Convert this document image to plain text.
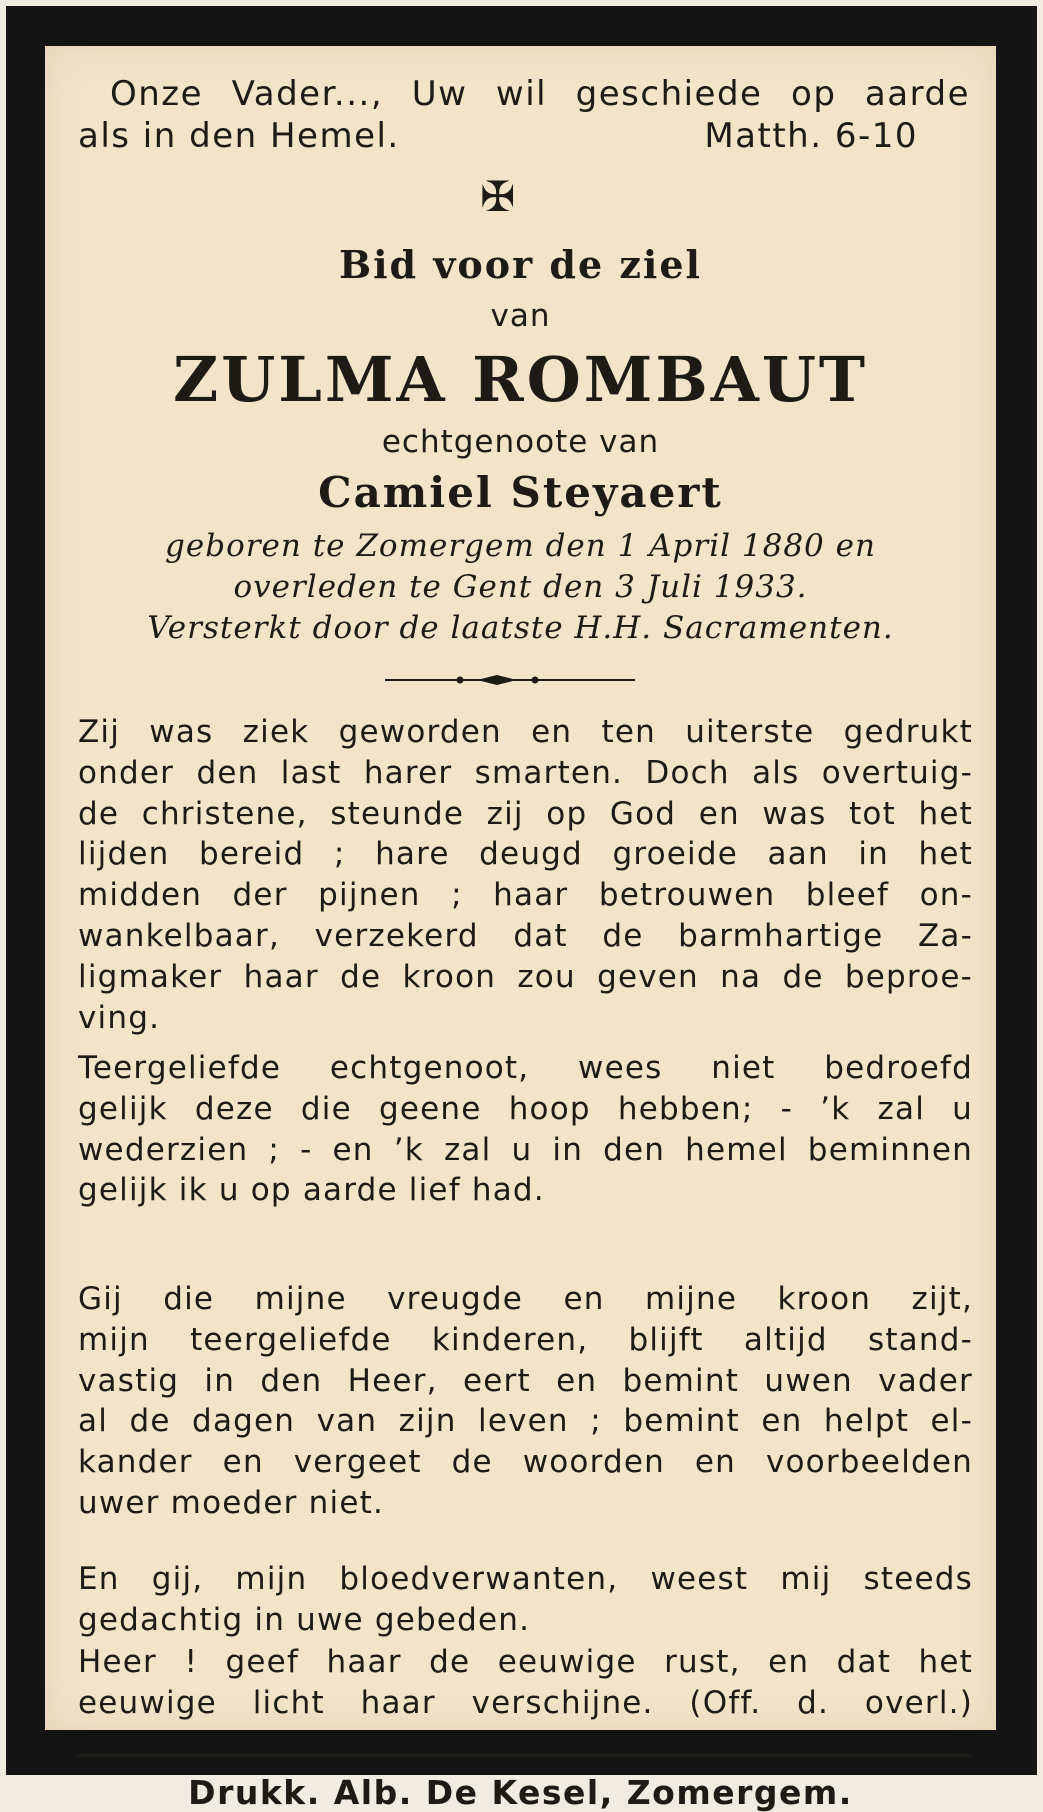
Onze Vader..., Uw wil geschiede op aarde
als in den Hemel.	Matth. 6-10
✠
Bid voor de ziel
van
ZULMA ROMBAUT
echtgenoote van
Camiel Steyaert
geboren te Zomergem den 1 April 1880 en
overleden te Gent den 3 Juli 1933.
Versterkt door de laatste H.H. Sacramenten.
Zij was ziek geworden en ten uiterste gedrukt
onder den last harer smarten. Doch als overtuig-
de christene, steunde zij op God en was tot het
lijden bereid ; hare deugd groeide aan in het
midden der pijnen ; haar betrouwen bleef on-
wankelbaar, verzekerd dat de barmhartige Za-
ligmaker haar de kroon zou geven na de beproe-
ving.
Teergeliefde echtgenoot, wees niet bedroefd
gelijk deze die geene hoop hebben; - ’k zal u
wederzien ; - en ’k zal u in den hemel beminnen
gelijk ik u op aarde lief had.
Gij die mijne vreugde en mijne kroon zijt,
mijn teergeliefde kinderen, blijft altijd stand-
vastig in den Heer, eert en bemint uwen vader
al de dagen van zijn leven ; bemint en helpt el-
kander en vergeet de woorden en voorbeelden
uwer moeder niet.
En gij, mijn bloedverwanten, weest mij steeds
gedachtig in uwe gebeden.
Heer ! geef haar de eeuwige rust, en dat het
eeuwige licht haar verschijne. (Off. d. overl.)
Drukk. Alb. De Kesel, Zomergem.
